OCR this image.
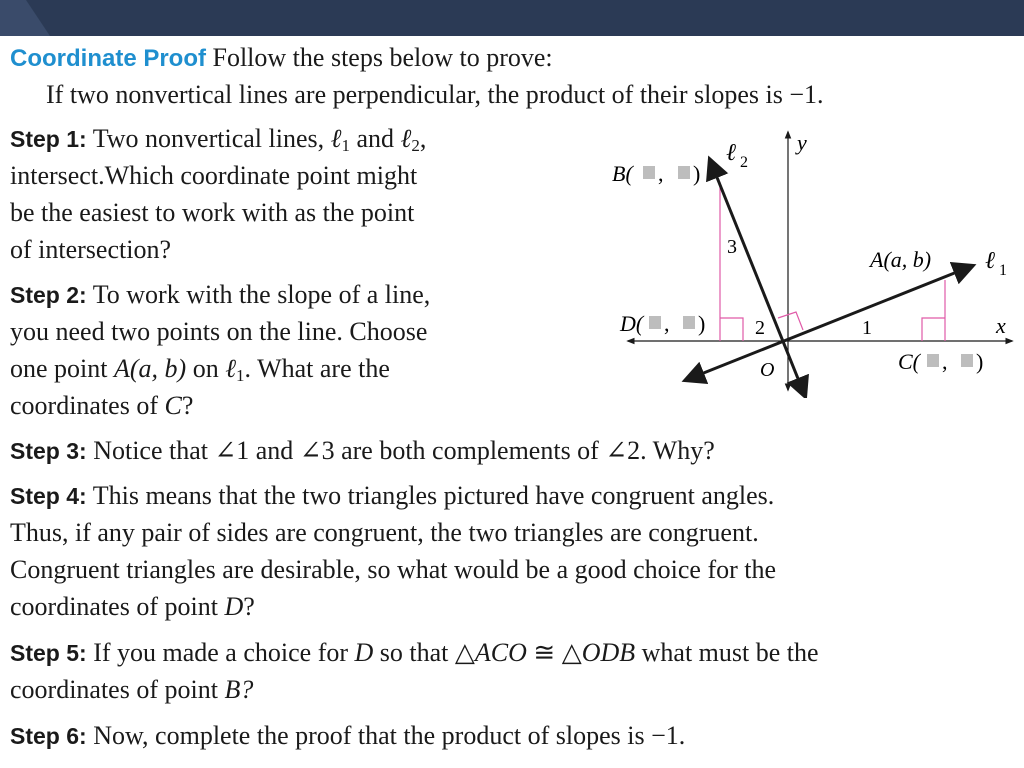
Coordinate Proof Follow the steps below to prove:
If two nonvertical lines are perpendicular, the product of their slopes is −1.
Step 1: Two nonvertical lines, ℓ$_1$ and ℓ$_2$,
intersect.Which coordinate point might
be the easiest to work with as the point
of intersection?
Step 2: To work with the slope of a line,
you need two points on the line. Choose
one point A(a, b) on ℓ$_1$. What are the
coordinates of C?
Step 3: Notice that ∠1 and ∠3 are both complements of ∠2. Why?
Step 4: This means that the two triangles pictured have congruent angles.
Thus, if any pair of sides are congruent, the two triangles are congruent.
Congruent triangles are desirable, so what would be a good choice for the
coordinates of point D?
Step 5: If you made a choice for D so that △ACO ≅ △ODB what must be the
coordinates of point B?
Step 6: Now, complete the proof that the product of slopes is −1.
y
x
ℓ 2
ℓ 1
A(a, b)
O
B( , )
D( , )
C( , )
3
2	1
